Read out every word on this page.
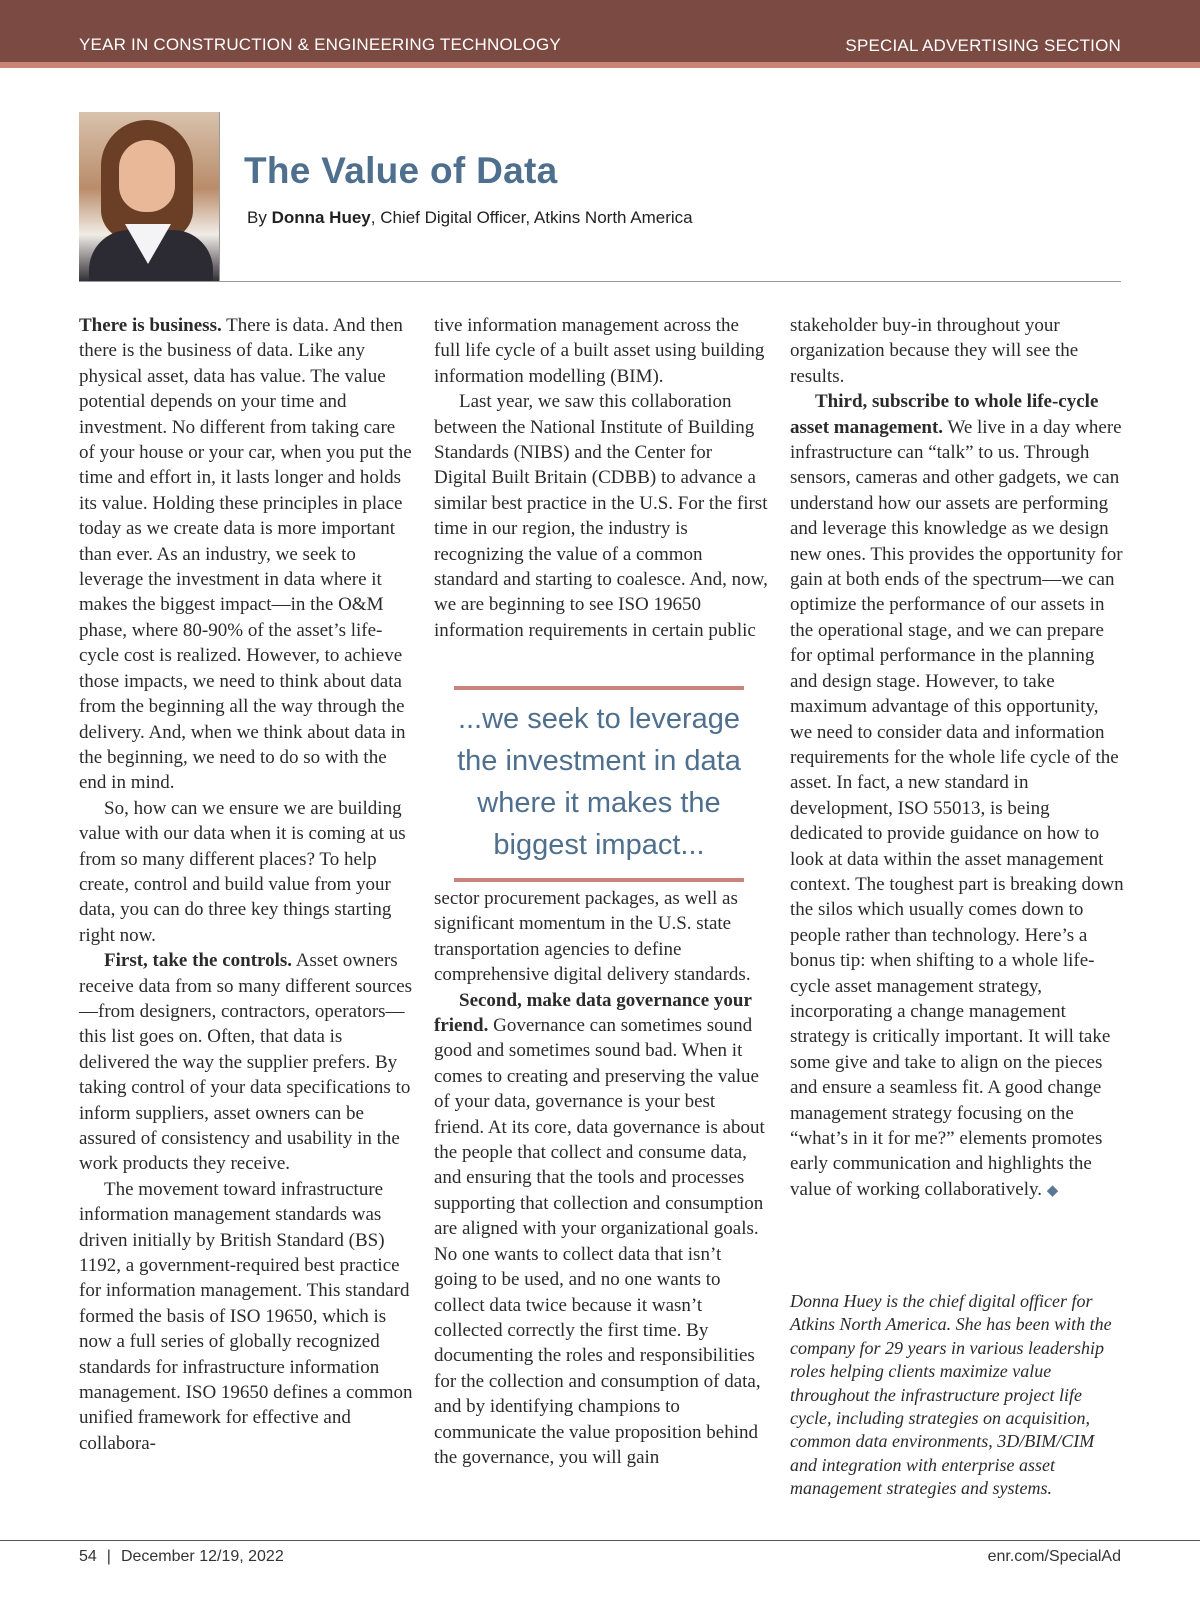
YEAR IN CONSTRUCTION & ENGINEERING TECHNOLOGY	SPECIAL ADVERTISING SECTION
The Value of Data
By Donna Huey, Chief Digital Officer, Atkins North America

There is business. There is data. And then there is the business of data. Like any physical asset, data has value. The value potential depends on your time and investment. No different from taking care of your house or your car, when you put the time and effort in, it lasts longer and holds its value. Holding these principles in place today as we create data is more important than ever. As an industry, we seek to leverage the investment in data where it makes the biggest impact—in the O&M phase, where 80-90% of the asset’s life-cycle cost is realized. However, to achieve those impacts, we need to think about data from the beginning all the way through the delivery. And, when we think about data in the beginning, we need to do so with the end in mind.

So, how can we ensure we are building value with our data when it is coming at us from so many different places? To help create, control and build value from your data, you can do three key things starting right now.

First, take the controls. Asset owners receive data from so many different sources—from designers, contractors, operators—this list goes on. Often, that data is delivered the way the supplier prefers. By taking control of your data specifications to inform suppliers, asset owners can be assured of consistency and usability in the work products they receive.

The movement toward infrastructure information management standards was driven initially by British Standard (BS) 1192, a government-required best practice for information management. This standard formed the basis of ISO 19650, which is now a full series of globally recognized standards for infrastructure information management. ISO 19650 defines a common unified framework for effective and collabora-

tive information management across the full life cycle of a built asset using building information modelling (BIM).

Last year, we saw this collaboration between the National Institute of Building Standards (NIBS) and the Center for Digital Built Britain (CDBB) to advance a similar best practice in the U.S. For the first time in our region, the industry is recognizing the value of a common standard and starting to coalesce. And, now, we are beginning to see ISO 19650 information requirements in certain public

...we seek to leverage the investment in data where it makes the biggest impact...

sector procurement packages, as well as significant momentum in the U.S. state transportation agencies to define comprehensive digital delivery standards.

Second, make data governance your friend. Governance can sometimes sound good and sometimes sound bad. When it comes to creating and preserving the value of your data, governance is your best friend. At its core, data governance is about the people that collect and consume data, and ensuring that the tools and processes supporting that collection and consumption are aligned with your organizational goals. No one wants to collect data that isn’t going to be used, and no one wants to collect data twice because it wasn’t collected correctly the first time. By documenting the roles and responsibilities for the collection and consumption of data, and by identifying champions to communicate the value proposition behind the governance, you will gain

stakeholder buy-in throughout your organization because they will see the results.

Third, subscribe to whole life-cycle asset management. We live in a day where infrastructure can “talk” to us. Through sensors, cameras and other gadgets, we can understand how our assets are performing and leverage this knowledge as we design new ones. This provides the opportunity for gain at both ends of the spectrum—we can optimize the performance of our assets in the operational stage, and we can prepare for optimal performance in the planning and design stage. However, to take maximum advantage of this opportunity, we need to consider data and information requirements for the whole life cycle of the asset. In fact, a new standard in development, ISO 55013, is being dedicated to provide guidance on how to look at data within the asset management context. The toughest part is breaking down the silos which usually comes down to people rather than technology. Here’s a bonus tip: when shifting to a whole life-cycle asset management strategy, incorporating a change management strategy is critically important. It will take some give and take to align on the pieces and ensure a seamless fit. A good change management strategy focusing on the “what’s in it for me?” elements promotes early communication and highlights the value of working collaboratively. ◆

Donna Huey is the chief digital officer for Atkins North America. She has been with the company for 29 years in various leadership roles helping clients maximize value throughout the infrastructure project life cycle, including strategies on acquisition, common data environments, 3D/BIM/CIM and integration with enterprise asset management strategies and systems.

54 | December 12/19, 2022	enr.com/SpecialAd
